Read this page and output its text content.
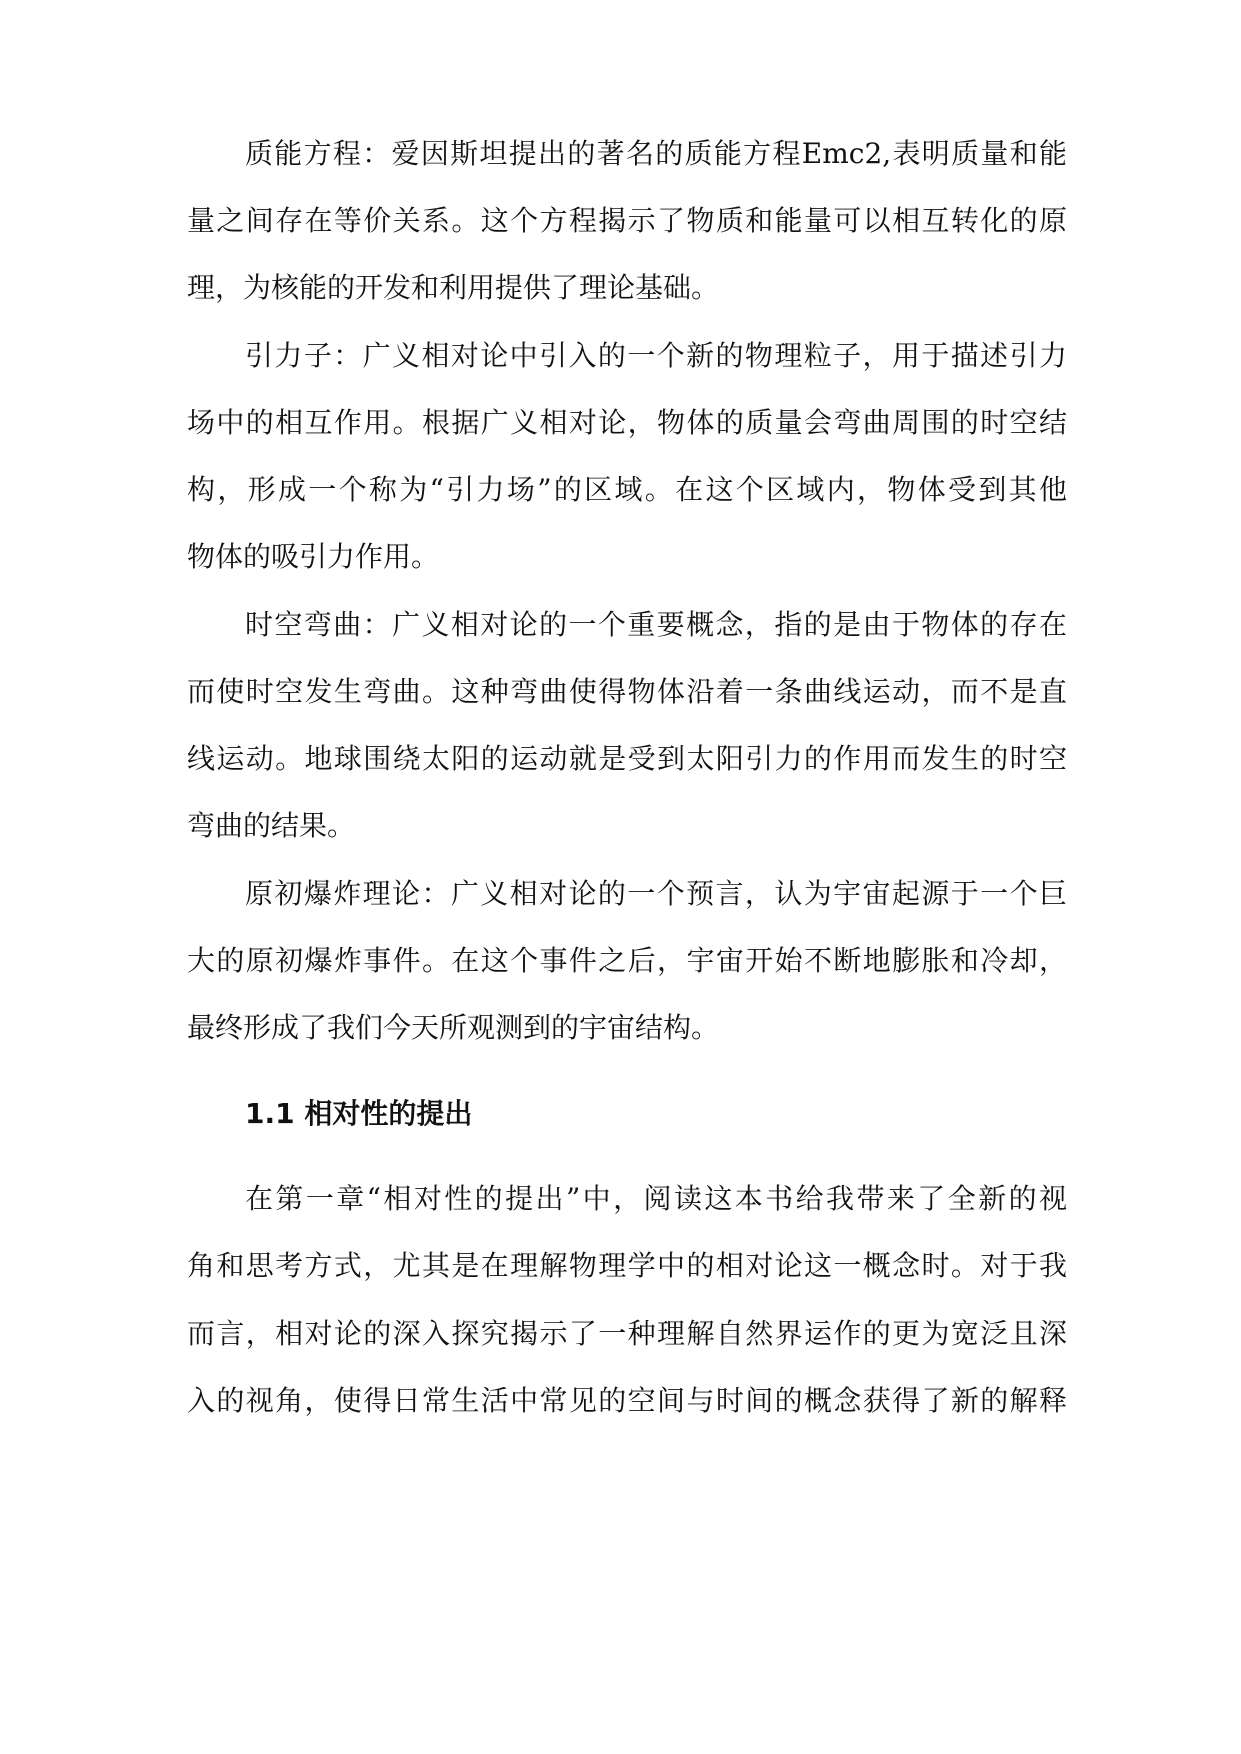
质能方程：爱因斯坦提出的著名的质能方程Emc2,表明质量和能
量之间存在等价关系。这个方程揭示了物质和能量可以相互转化的原
理，为核能的开发和利用提供了理论基础。
引力子：广义相对论中引入的一个新的物理粒子，用于描述引力
场中的相互作用。根据广义相对论，物体的质量会弯曲周围的时空结
构，形成一个称为“引力场”的区域。在这个区域内，物体受到其他
物体的吸引力作用。
时空弯曲：广义相对论的一个重要概念，指的是由于物体的存在
而使时空发生弯曲。这种弯曲使得物体沿着一条曲线运动，而不是直
线运动。地球围绕太阳的运动就是受到太阳引力的作用而发生的时空
弯曲的结果。
原初爆炸理论：广义相对论的一个预言，认为宇宙起源于一个巨
大的原初爆炸事件。在这个事件之后，宇宙开始不断地膨胀和冷却，
最终形成了我们今天所观测到的宇宙结构。
1.1 相对性的提出
在第一章“相对性的提出”中，阅读这本书给我带来了全新的视
角和思考方式，尤其是在理解物理学中的相对论这一概念时。对于我
而言，相对论的深入探究揭示了一种理解自然界运作的更为宽泛且深
入的视角，使得日常生活中常见的空间与时间的概念获得了新的解释
